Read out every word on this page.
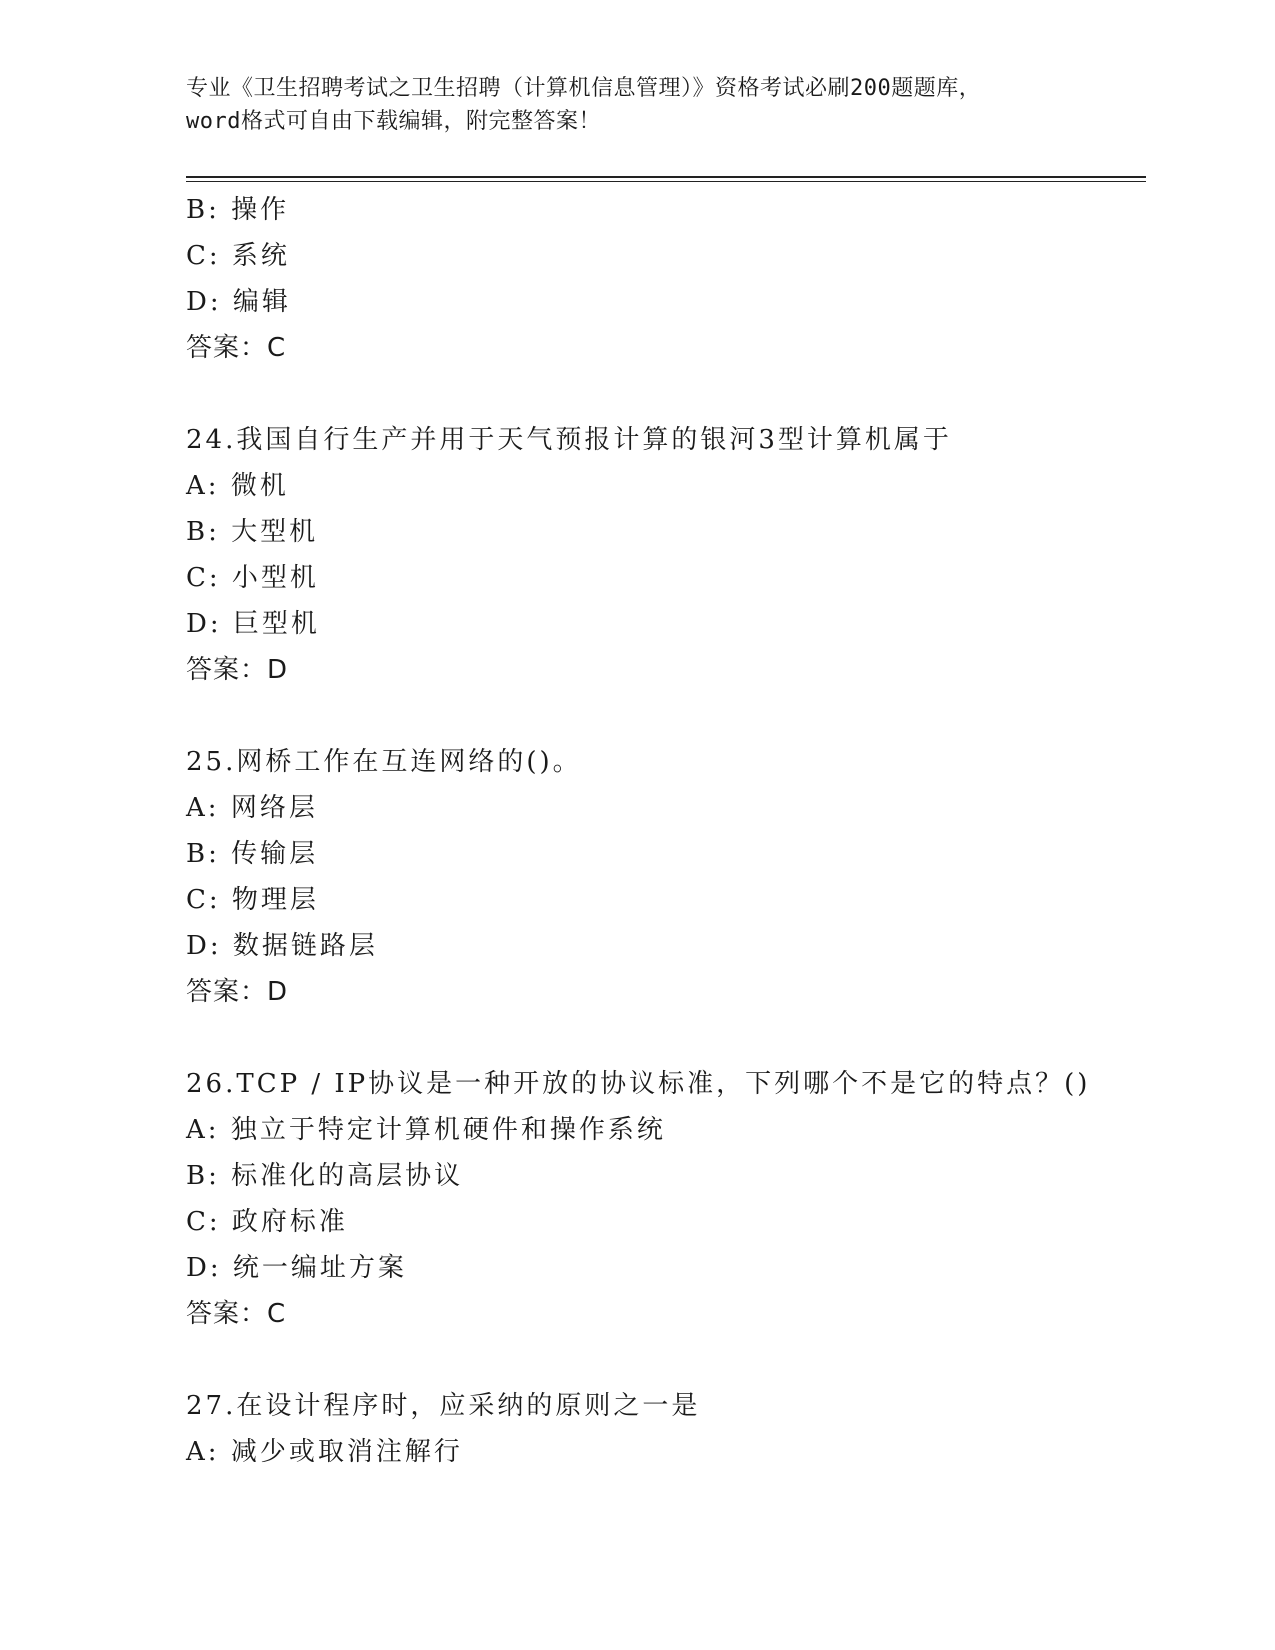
专业《卫生招聘考试之卫生招聘（计算机信息管理）》资格考试必刷200题题库，
word格式可自由下载编辑，附完整答案！
B: 操作
C: 系统
D: 编辑
答案：C
24.我国自行生产并用于天气预报计算的银河3型计算机属于
A: 微机
B: 大型机
C: 小型机
D: 巨型机
答案：D
25.网桥工作在互连网络的()。
A: 网络层
B: 传输层
C: 物理层
D: 数据链路层
答案：D
26.TCP / IP协议是一种开放的协议标准，下列哪个不是它的特点？()
A: 独立于特定计算机硬件和操作系统
B: 标准化的高层协议
C: 政府标准
D: 统一编址方案
答案：C
27.在设计程序时，应采纳的原则之一是
A: 减少或取消注解行
